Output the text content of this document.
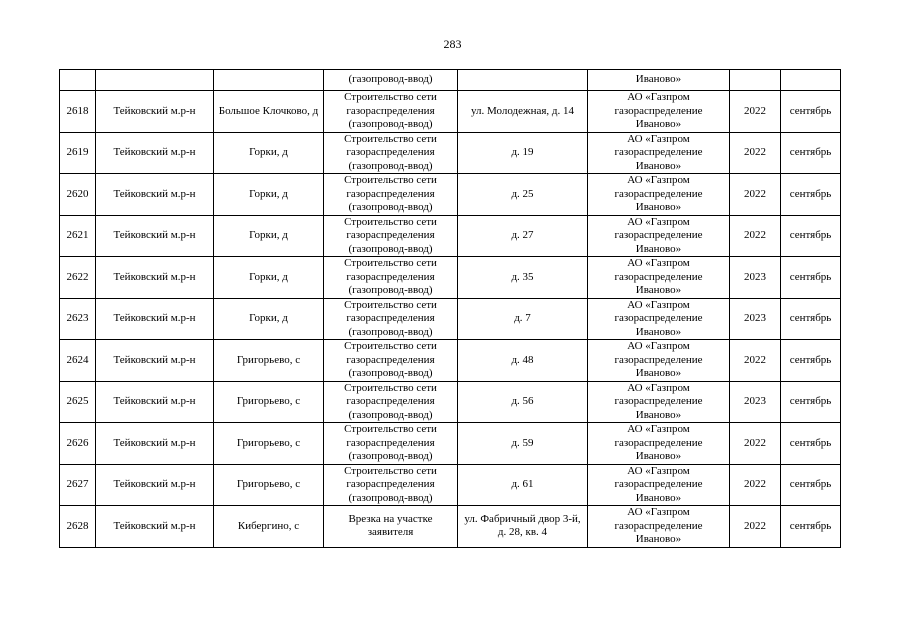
283
			(газопровод-ввод)		Иваново»		
2618	Тейковский м.р-н	Большое Клочково, д	Строительство сети газораспределения (газопровод-ввод)	ул. Молодежная, д. 14	АО «Газпром газораспределение Иваново»	2022	сентябрь
2619	Тейковский м.р-н	Горки, д	Строительство сети газораспределения (газопровод-ввод)	д. 19	АО «Газпром газораспределение Иваново»	2022	сентябрь
2620	Тейковский м.р-н	Горки, д	Строительство сети газораспределения (газопровод-ввод)	д. 25	АО «Газпром газораспределение Иваново»	2022	сентябрь
2621	Тейковский м.р-н	Горки, д	Строительство сети газораспределения (газопровод-ввод)	д. 27	АО «Газпром газораспределение Иваново»	2022	сентябрь
2622	Тейковский м.р-н	Горки, д	Строительство сети газораспределения (газопровод-ввод)	д. 35	АО «Газпром газораспределение Иваново»	2023	сентябрь
2623	Тейковский м.р-н	Горки, д	Строительство сети газораспределения (газопровод-ввод)	д. 7	АО «Газпром газораспределение Иваново»	2023	сентябрь
2624	Тейковский м.р-н	Григорьево, с	Строительство сети газораспределения (газопровод-ввод)	д. 48	АО «Газпром газораспределение Иваново»	2022	сентябрь
2625	Тейковский м.р-н	Григорьево, с	Строительство сети газораспределения (газопровод-ввод)	д. 56	АО «Газпром газораспределение Иваново»	2023	сентябрь
2626	Тейковский м.р-н	Григорьево, с	Строительство сети газораспределения (газопровод-ввод)	д. 59	АО «Газпром газораспределение Иваново»	2022	сентябрь
2627	Тейковский м.р-н	Григорьево, с	Строительство сети газораспределения (газопровод-ввод)	д. 61	АО «Газпром газораспределение Иваново»	2022	сентябрь
2628	Тейковский м.р-н	Кибергино, с	Врезка на участке заявителя	ул. Фабричный двор 3-й, д. 28, кв. 4	АО «Газпром газораспределение Иваново»	2022	сентябрь
